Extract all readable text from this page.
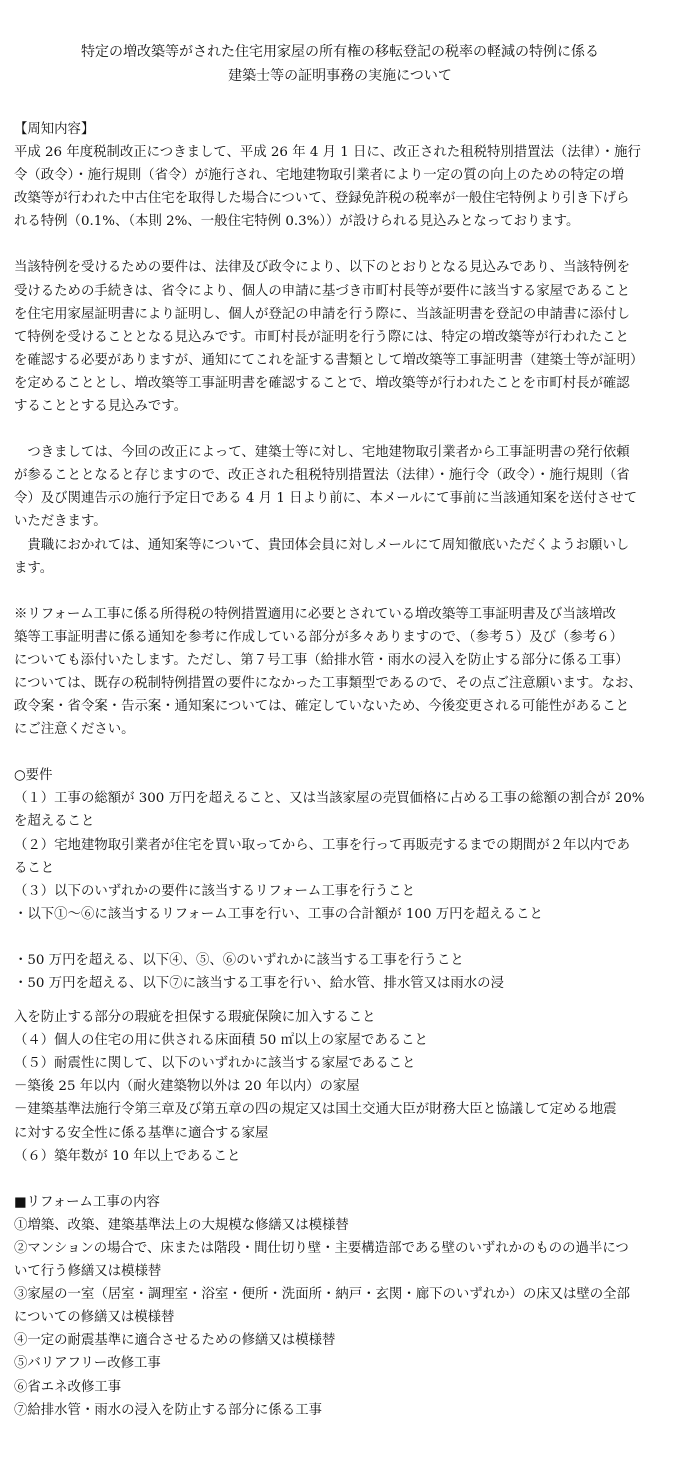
特定の増改築等がされた住宅用家屋の所有権の移転登記の税率の軽減の特例に係る
建築士等の証明事務の実施について
【周知内容】
平成 26 年度税制改正につきまして、平成 26 年 4 月 1 日に、改正された租税特別措置法（法律）・施行
令（政令）・施行規則（省令）が施行され、宅地建物取引業者により一定の質の向上のための特定の増
改築等が行われた中古住宅を取得した場合について、登録免許税の税率が一般住宅特例より引き下げら
れる特例（0.1%、（本則 2%、一般住宅特例 0.3%））が設けられる見込みとなっております。
当該特例を受けるための要件は、法律及び政令により、以下のとおりとなる見込みであり、当該特例を
受けるための手続きは、省令により、個人の申請に基づき市町村長等が要件に該当する家屋であること
を住宅用家屋証明書により証明し、個人が登記の申請を行う際に、当該証明書を登記の申請書に添付し
て特例を受けることとなる見込みです。市町村長が証明を行う際には、特定の増改築等が行われたこと
を確認する必要がありますが、通知にてこれを証する書類として増改築等工事証明書（建築士等が証明）
を定めることとし、増改築等工事証明書を確認することで、増改築等が行われたことを市町村長が確認
することとする見込みです。
　つきましては、今回の改正によって、建築士等に対し、宅地建物取引業者から工事証明書の発行依頼
が参ることとなると存じますので、改正された租税特別措置法（法律）・施行令（政令）・施行規則（省
令）及び関連告示の施行予定日である 4 月 1 日より前に、本メールにて事前に当該通知案を送付させて
いただきます。
　貴職におかれては、通知案等について、貴団体会員に対しメールにて周知徹底いただくようお願いし
ます。
※リフォーム工事に係る所得税の特例措置適用に必要とされている増改築等工事証明書及び当該増改
築等工事証明書に係る通知を参考に作成している部分が多々ありますので、（参考５）及び（参考６）
についても添付いたします。ただし、第７号工事（給排水管・雨水の浸入を防止する部分に係る工事）
については、既存の税制特例措置の要件になかった工事類型であるので、その点ご注意願います。なお、
政令案・省令案・告示案・通知案については、確定していないため、今後変更される可能性があること
にご注意ください。
○要件
（１）工事の総額が 300 万円を超えること、又は当該家屋の売買価格に占める工事の総額の割合が 20%
を超えること
（２）宅地建物取引業者が住宅を買い取ってから、工事を行って再販売するまでの期間が２年以内であ
ること
（３）以下のいずれかの要件に該当するリフォーム工事を行うこと
・以下①～⑥に該当するリフォーム工事を行い、工事の合計額が 100 万円を超えること
・50 万円を超える、以下④、⑤、⑥のいずれかに該当する工事を行うこと
・50 万円を超える、以下⑦に該当する工事を行い、給水管、排水管又は雨水の浸
入を防止する部分の瑕疵を担保する瑕疵保険に加入すること
（４）個人の住宅の用に供される床面積 50 ㎡以上の家屋であること
（５）耐震性に関して、以下のいずれかに該当する家屋であること
－築後 25 年以内（耐火建築物以外は 20 年以内）の家屋
－建築基準法施行令第三章及び第五章の四の規定又は国土交通大臣が財務大臣と協議して定める地震
に対する安全性に係る基準に適合する家屋
（６）築年数が 10 年以上であること
■リフォーム工事の内容
①増築、改築、建築基準法上の大規模な修繕又は模様替
②マンションの場合で、床または階段・間仕切り壁・主要構造部である壁のいずれかのものの過半につ
いて行う修繕又は模様替
③家屋の一室（居室・調理室・浴室・便所・洗面所・納戸・玄関・廊下のいずれか）の床又は壁の全部
についての修繕又は模様替
④一定の耐震基準に適合させるための修繕又は模様替
⑤バリアフリー改修工事
⑥省エネ改修工事
⑦給排水管・雨水の浸入を防止する部分に係る工事
